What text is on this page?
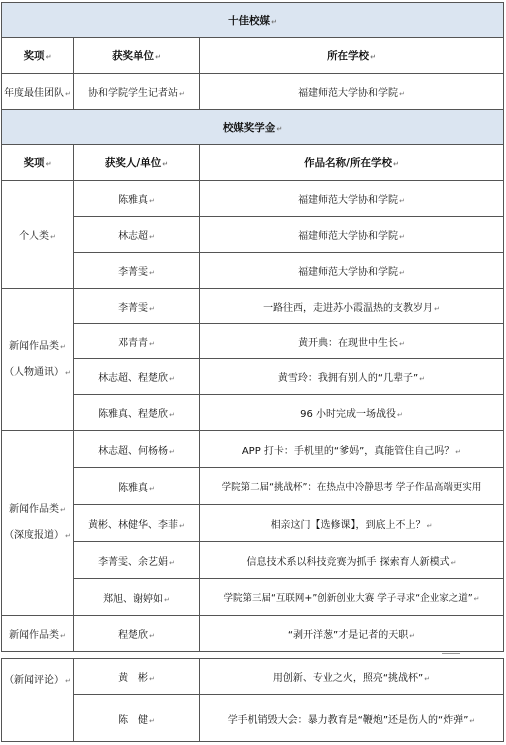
十佳校媒 ↵
奖项 ↵	获奖单位 ↵	所在学校 ↵
年度最佳团队 ↵	协和学院学生记者站 ↵	福建师范大学协和学院 ↵
校媒奖学金 ↵
奖项 ↵	获奖人/单位 ↵	作品名称/所在学校 ↵
个人类 ↵	陈雅真 ↵	福建师范大学协和学院 ↵
	林志超 ↵	福建师范大学协和学院 ↵
	李菁雯 ↵	福建师范大学协和学院 ↵

新闻作品类 ↵
（人物通讯） ↵	李菁雯 ↵	一路往西，走进苏小霞温热的支教岁月 ↵
	邓青青 ↵	黄开典：在现世中生长 ↵
	林志超、程楚欣 ↵	黄雪玲：我拥有别人的“几辈子” ↵
	陈雅真、程楚欣 ↵	96 小时完成一场战役 ↵

新闻作品类 ↵
（深度报道） ↵	林志超、何杨杨 ↵	APP 打卡：手机里的“爹妈”，真能管住自己吗？ ↵
	陈雅真 ↵	学院第二届“挑战杯”：在热点中冷静思考 学子作品高端更实用
	黄彬、林健华、李菲 ↵	相亲这门【选修课】，到底上不上？ ↵
	李菁雯、余艺娟 ↵	信息技术系以科技竞赛为抓手 探索育人新模式 ↵
	郑旭、谢婷如 ↵	学院第三届“互联网+”创新创业大赛 学子寻求“企业家之道” ↵
新闻作品类 ↵	程楚欣 ↵	“剥开洋葱”才是记者的天职 ↵
（新闻评论） ↵	黄　彬 ↵	用创新、专业之火，照亮“挑战杯” ↵
	陈　健 ↵	学手机销毁大会：暴力教育是“鞭炮”还是伤人的“炸弹” ↵
